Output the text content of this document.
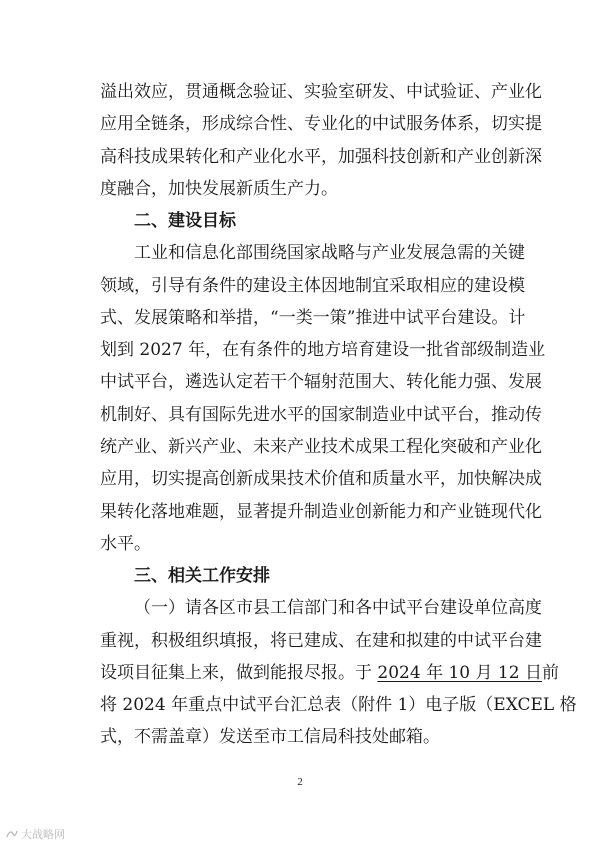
溢出效应，贯通概念验证、实验室研发、中试验证、产业化
应用全链条，形成综合性、专业化的中试服务体系，切实提
高科技成果转化和产业化水平，加强科技创新和产业创新深
度融合，加快发展新质生产力。
二、建设目标
工业和信息化部围绕国家战略与产业发展急需的关键
领域，引导有条件的建设主体因地制宜采取相应的建设模
式、发展策略和举措，“一类一策”推进中试平台建设。计
划到 2027 年，在有条件的地方培育建设一批省部级制造业
中试平台，遴选认定若干个辐射范围大、转化能力强、发展
机制好、具有国际先进水平的国家制造业中试平台，推动传
统产业、新兴产业、未来产业技术成果工程化突破和产业化
应用，切实提高创新成果技术价值和质量水平，加快解决成
果转化落地难题，显著提升制造业创新能力和产业链现代化
水平。
三、相关工作安排
（一）请各区市县工信部门和各中试平台建设单位高度
重视，积极组织填报，将已建成、在建和拟建的中试平台建
设项目征集上来，做到能报尽报。于 2024 年 10 月 12 日前
将 2024 年重点中试平台汇总表（附件 1）电子版（EXCEL 格
式，不需盖章）发送至市工信局科技处邮箱。
2
大战略网
